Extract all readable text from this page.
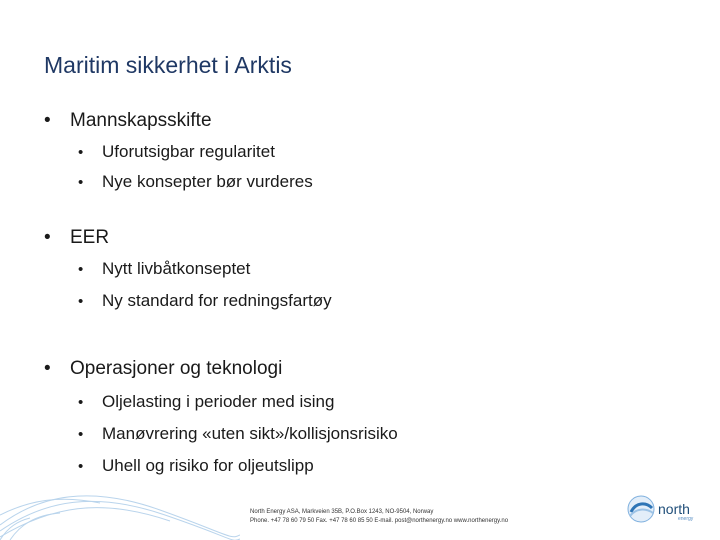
Maritim sikkerhet i Arktis
• Mannskapsskifte
• Uforutsigbar regularitet
• Nye konsepter bør vurderes
• EER
• Nytt livbåtkonseptet
• Ny standard for redningsfartøy
• Operasjoner og teknologi
• Oljelasting i perioder med ising
• Manøvrering «uten sikt»/kollisjonsrisiko
• Uhell og risiko for oljeutslipp
North Energy ASA, Markveien 35B, P.O.Box 1243, NO-9504, Norway
Phone. +47 78 60 79 50 Fax. +47 78 60 85 50 E-mail. post@northenergy.no www.northenergy.no
north
energy
